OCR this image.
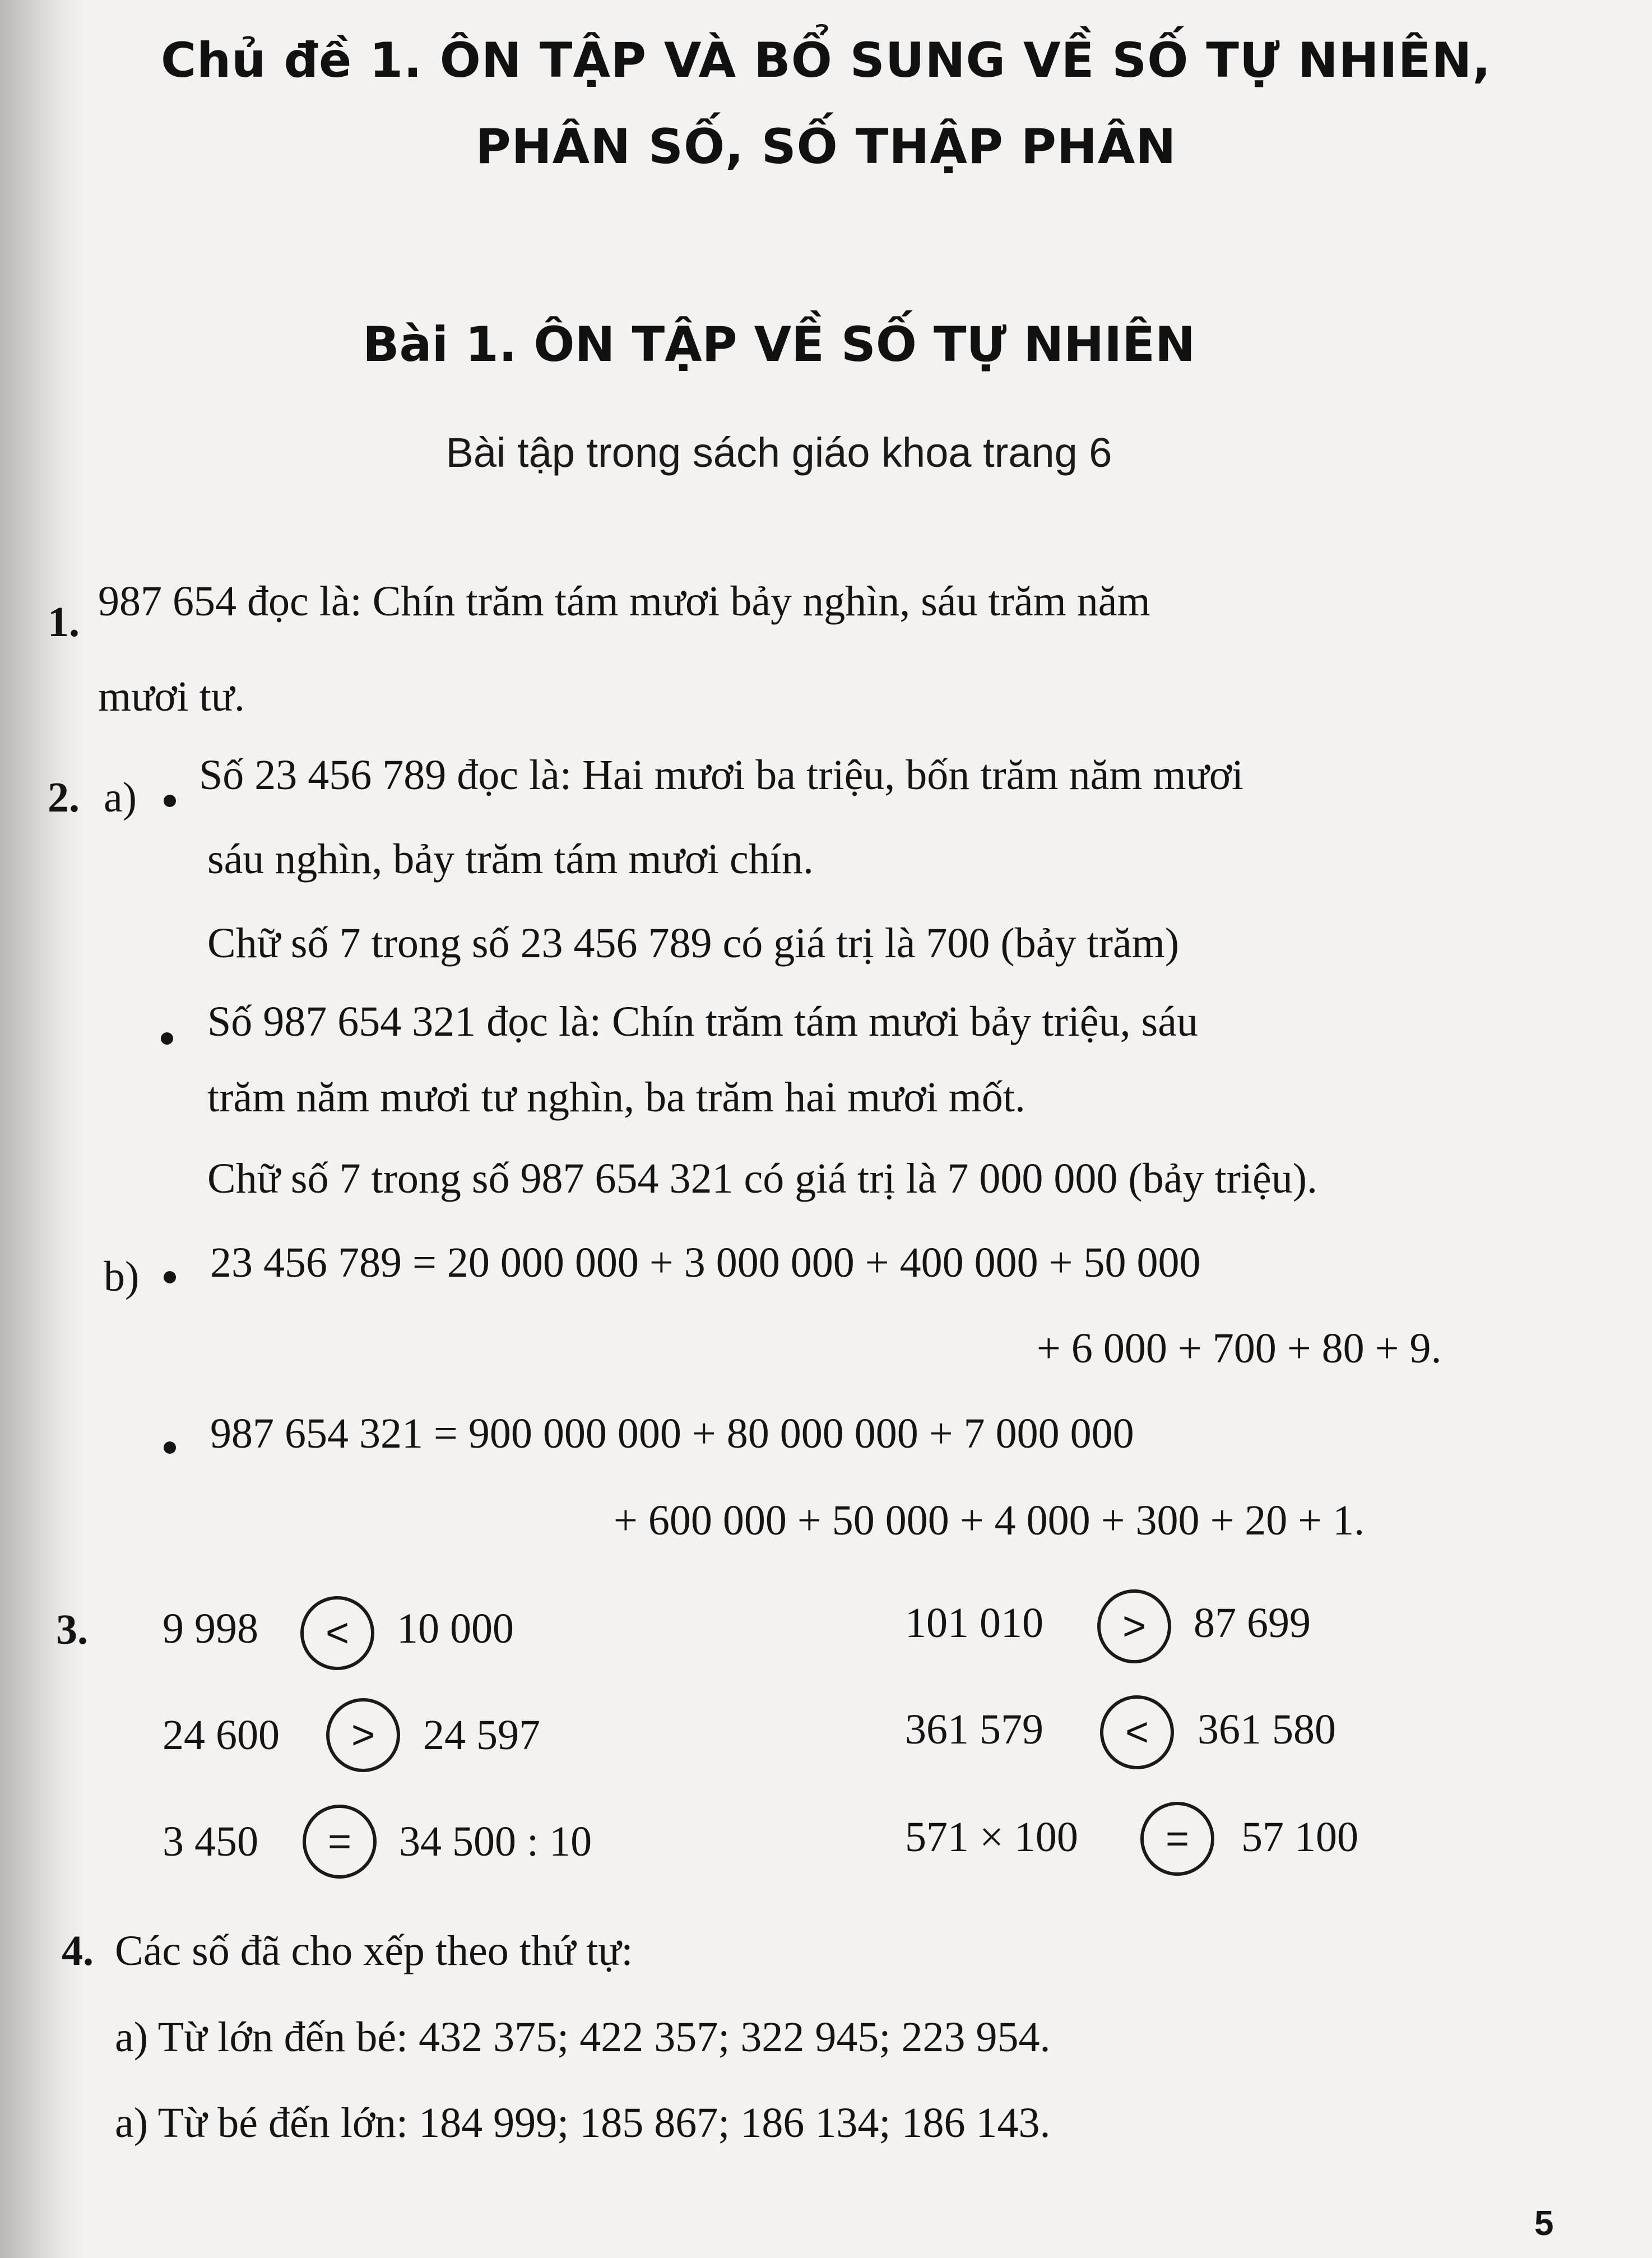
Chủ đề 1. ÔN TẬP VÀ BỔ SUNG VỀ SỐ TỰ NHIÊN,
PHÂN SỐ, SỐ THẬP PHÂN
Bài 1. ÔN TẬP VỀ SỐ TỰ NHIÊN
Bài tập trong sách giáo khoa trang 6
1. 987 654 đọc là: Chín trăm tám mươi bảy nghìn, sáu trăm năm
mươi tư.
2. a) Số 23 456 789 đọc là: Hai mươi ba triệu, bốn trăm năm mươi
sáu nghìn, bảy trăm tám mươi chín.
Chữ số 7 trong số 23 456 789 có giá trị là 700 (bảy trăm)
Số 987 654 321 đọc là: Chín trăm tám mươi bảy triệu, sáu
trăm năm mươi tư nghìn, ba trăm hai mươi mốt.
Chữ số 7 trong số 987 654 321 có giá trị là 7 000 000 (bảy triệu).
b) 23 456 789 = 20 000 000 + 3 000 000 + 400 000 + 50 000
+ 6 000 + 700 + 80 + 9.
987 654 321 = 900 000 000 + 80 000 000 + 7 000 000
+ 600 000 + 50 000 + 4 000 + 300 + 20 + 1.
3. 9 998	<	10 000	101 010	>	87 699
24 600	>	24 597	361 579	<	361 580
3 450	=	34 500 : 10	571 × 100	=	57 100
4. Các số đã cho xếp theo thứ tự:
a) Từ lớn đến bé: 432 375; 422 357; 322 945; 223 954.
a) Từ bé đến lớn: 184 999; 185 867; 186 134; 186 143.
5
